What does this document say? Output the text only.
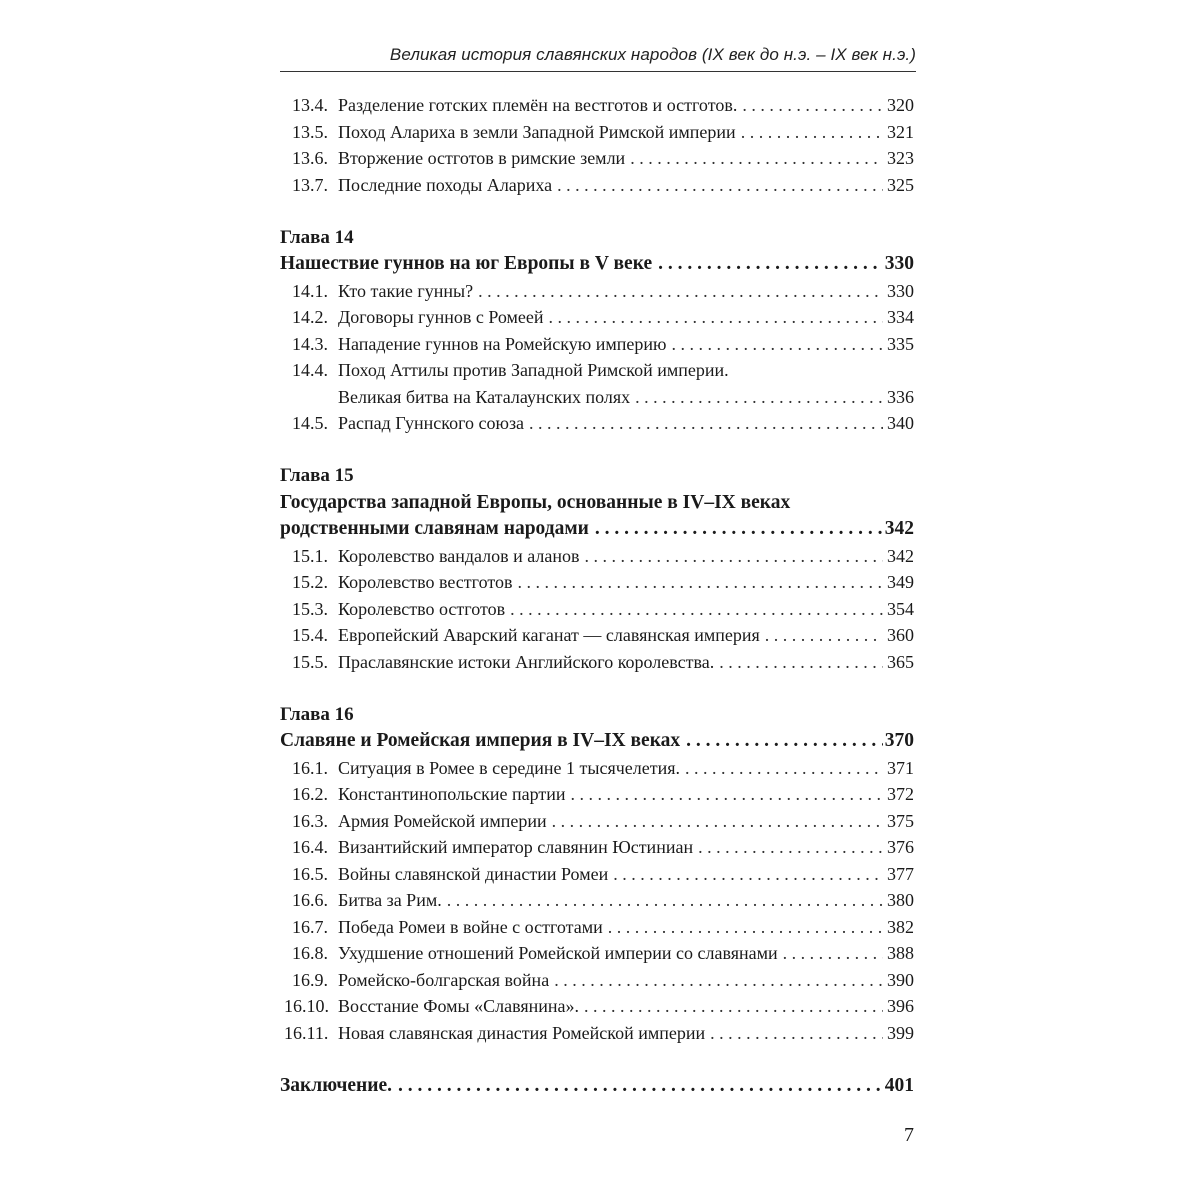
Великая история славянских народов (IX век до н.э. – IX век н.э.)
13.4. Разделение готских племён на вестготов и остготов. . . .	320
13.5. Поход Алариха в земли Западной Римской империи . . .	321
13.6. Вторжение остготов в римские земли . . .	323
13.7. Последние походы Алариха . . .	325
Глава 14
Нашествие гуннов на юг Европы в V веке . . .	330
14.1. Кто такие гунны? . . .	330
14.2. Договоры гуннов с Ромеей . . .	334
14.3. Нападение гуннов на Ромейскую империю . . .	335
14.4. Поход Аттилы против Западной Римской империи.
Великая битва на Каталаунских полях . . .	336
14.5. Распад Гуннского союза . . .	340
Глава 15
Государства западной Европы, основанные в IV–IX веках
родственными славянам народами . . .	342
15.1. Королевство вандалов и аланов . . .	342
15.2. Королевство вестготов . . .	349
15.3. Королевство остготов . . .	354
15.4. Европейский Аварский каганат — славянская империя . . .	360
15.5. Праславянские истоки Английского королевства. . . .	365
Глава 16
Славяне и Ромейская империя в IV–IX веках . . .	370
16.1. Ситуация в Ромее в середине 1 тысячелетия. . . .	371
16.2. Константинопольские партии . . .	372
16.3. Армия Ромейской империи . . .	375
16.4. Византийский император славянин Юстиниан . . .	376
16.5. Войны славянской династии Ромеи . . .	377
16.6. Битва за Рим. . . .	380
16.7. Победа Ромеи в войне с остготами . . .	382
16.8. Ухудшение отношений Ромейской империи со славянами . . .	388
16.9. Ромейско-болгарская война . . .	390
16.10. Восстание Фомы «Славянина». . . .	396
16.11. Новая славянская династия Ромейской империи . . .	399
Заключение. . . .	401
7
